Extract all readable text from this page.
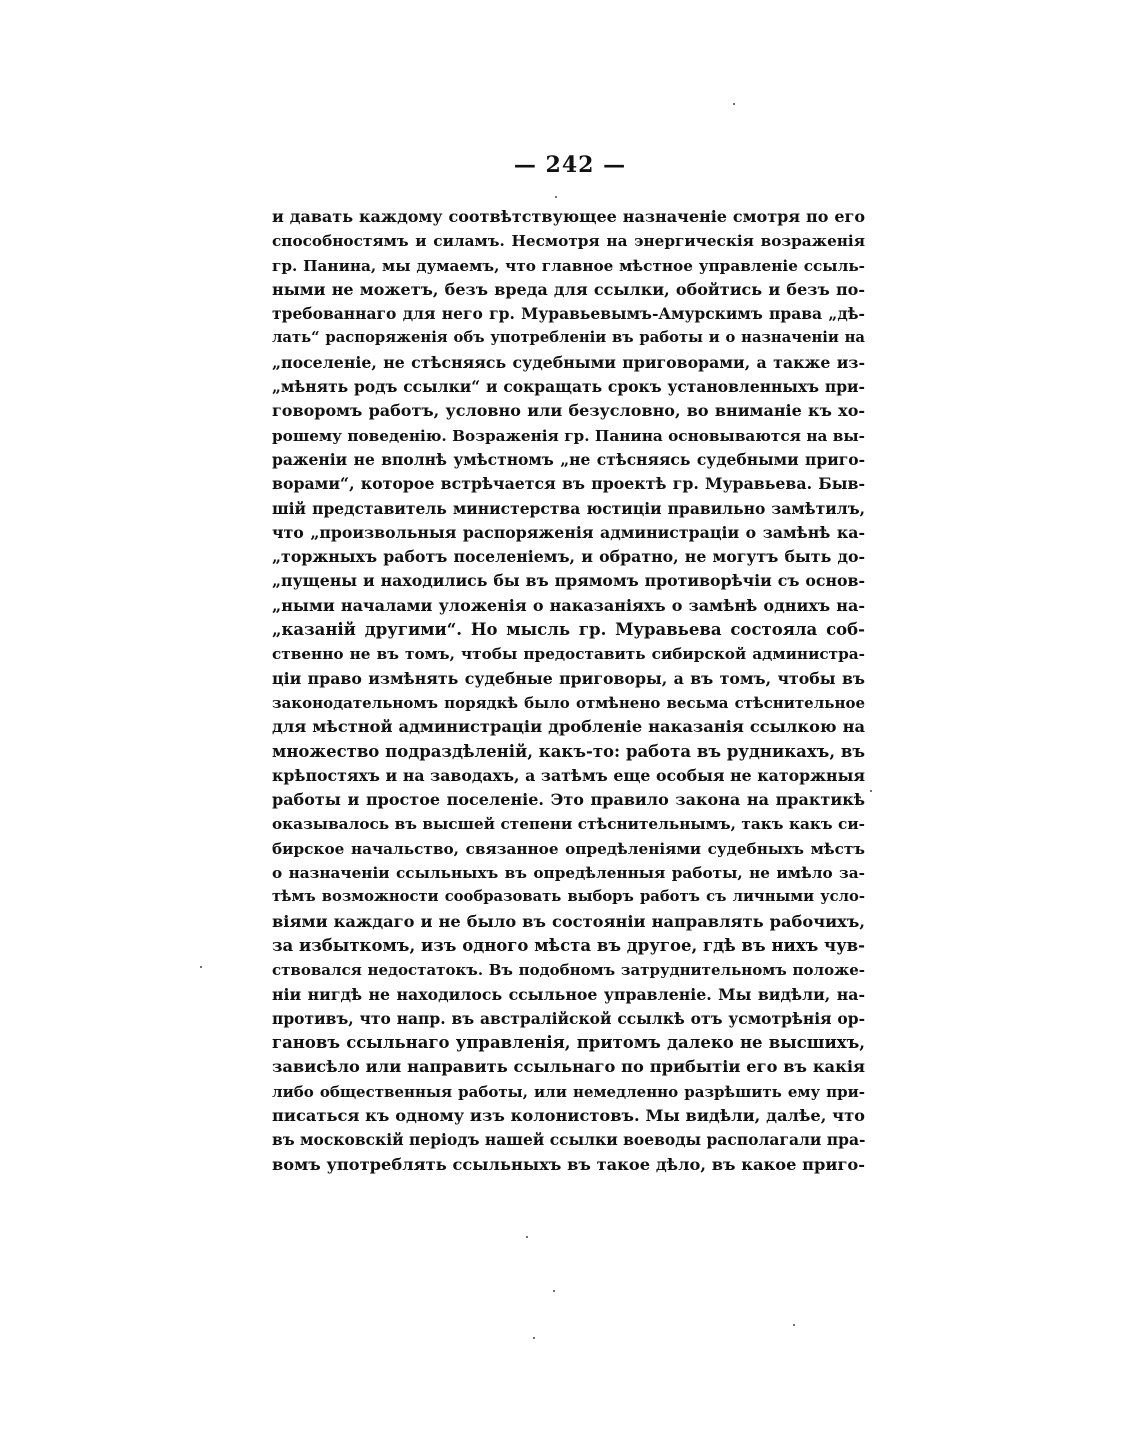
— 242 —
и давать каждому соотвѣтствующее назначеніе смотря по его
способностямъ и силамъ. Несмотря на энергическія возраженія
гр. Панина, мы думаемъ, что главное мѣстное управленіе ссыль-
ными не можетъ, безъ вреда для ссылки, обойтись и безъ по-
требованнаго для него гр. Муравьевымъ-Амурскимъ права „дѣ-
лать“ распоряженія объ употребленіи въ работы и о назначеніи на
„поселеніе, не стѣсняясь судебными приговорами, а также из-
„мѣнять родъ ссылки“ и сокращать срокъ установленныхъ при-
говоромъ работъ, условно или безусловно, во вниманіе къ хо-
рошему поведенію. Возраженія гр. Панина основываются на вы-
раженіи не вполнѣ умѣстномъ „не стѣсняясь судебными приго-
ворами“, которое встрѣчается въ проектѣ гр. Муравьева. Быв-
шій представитель министерства юстиціи правильно замѣтилъ,
что „произвольныя распоряженія администраціи о замѣнѣ ка-
„торжныхъ работъ поселеніемъ, и обратно, не могутъ быть до-
„пущены и находились бы въ прямомъ противорѣчіи съ основ-
„ными началами уложенія о наказаніяхъ о замѣнѣ однихъ на-
„казаній другими“. Но мысль гр. Муравьева состояла соб-
ственно не въ томъ, чтобы предоставить сибирской администра-
ціи право измѣнять судебные приговоры, а въ томъ, чтобы въ
законодательномъ порядкѣ было отмѣнено весьма стѣснительное
для мѣстной администраціи дробленіе наказанія ссылкою на
множество подраздѣленій, какъ-то: работа въ рудникахъ, въ
крѣпостяхъ и на заводахъ, а затѣмъ еще особыя не каторжныя
работы и простое поселеніе. Это правило закона на практикѣ
оказывалось въ высшей степени стѣснительнымъ, такъ какъ си-
бирское начальство, связанное опредѣленіями судебныхъ мѣстъ
о назначеніи ссыльныхъ въ опредѣленныя работы, не имѣло за-
тѣмъ возможности сообразовать выборъ работъ съ личными усло-
віями каждаго и не было въ состояніи направлять рабочихъ,
за избыткомъ, изъ одного мѣста въ другое, гдѣ въ нихъ чув-
ствовался недостатокъ. Въ подобномъ затруднительномъ положе-
ніи нигдѣ не находилось ссыльное управленіе. Мы видѣли, на-
противъ, что напр. въ австралійской ссылкѣ отъ усмотрѣнія ор-
гановъ ссыльнаго управленія, притомъ далеко не высшихъ,
зависѣло или направить ссыльнаго по прибытіи его въ какія
либо общественныя работы, или немедленно разрѣшить ему при-
писаться къ одному изъ колонистовъ. Мы видѣли, далѣе, что
въ московскій періодъ нашей ссылки воеводы располагали пра-
вомъ употреблять ссыльныхъ въ такое дѣло, въ какое приго-
